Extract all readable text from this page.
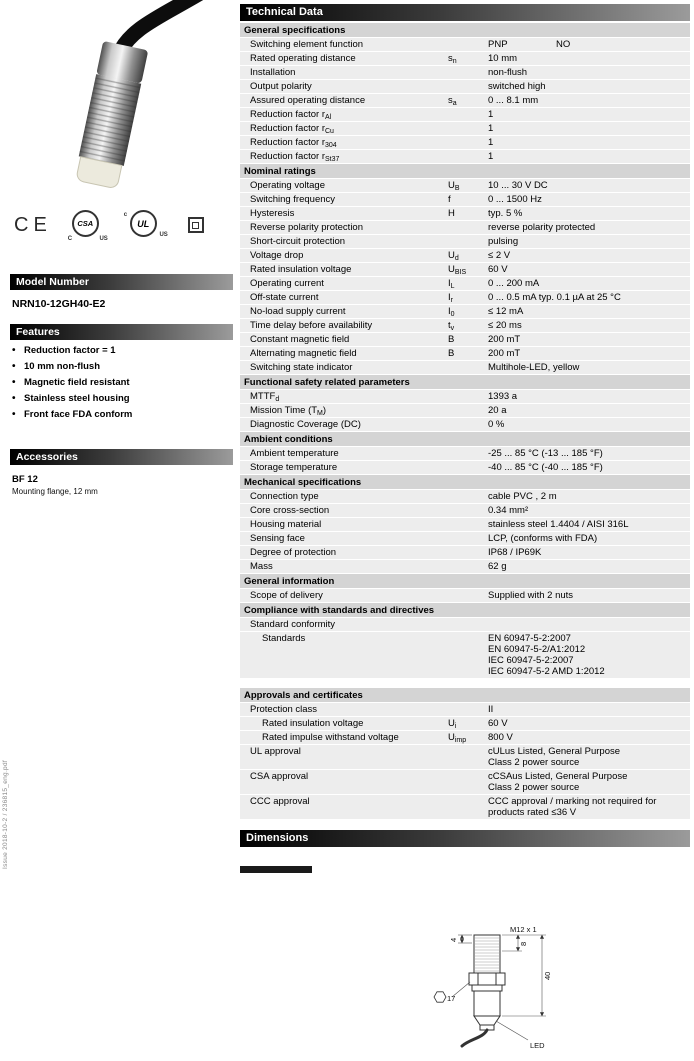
Issue 2018-10-2 / 236815_eng.pdf
CE	CSA
C	US
UL
c
US
Model Number
NRN10-12GH40-E2
Features
• Reduction factor = 1
• 10 mm non-flush
• Magnetic field resistant
• Stainless steel housing
• Front face FDA conform
Accessories
BF 12
Mounting flange, 12 mm
Technical Data
General specifications
Switching element function	PNP	NO
Rated operating distance	$s_n$	10 mm
Installation	non-flush
Output polarity	switched high
Assured operating distance	$s_a$	0 ... 8.1 mm
Reduction factor $r_{Al}$	1
Reduction factor $r_{Cu}$	1
Reduction factor $r_{304}$	1
Reduction factor $r_{St37}$	1
Nominal ratings
Operating voltage	$U_B$	10 ... 30 V DC
Switching frequency	f	0 ... 1500 Hz
Hysteresis	H	typ. 5 %
Reverse polarity protection	reverse polarity protected
Short-circuit protection	pulsing
Voltage drop	$U_d$	≤ 2 V
Rated insulation voltage	$U_{BIS}$	60 V
Operating current	$I_L$	0 ... 200 mA
Off-state current	$I_r$	0 ... 0.5 mA typ. 0.1 µA at 25 °C
No-load supply current	$I_0$	≤ 12 mA
Time delay before availability	$t_v$	≤ 20 ms
Constant magnetic field	B	200 mT
Alternating magnetic field	B	200 mT
Switching state indicator	Multihole-LED, yellow
Functional safety related parameters
$MTTF_d$	1393 a
Mission Time $(T_M)$	20 a
Diagnostic Coverage (DC)	0 %
Ambient conditions
Ambient temperature	-25 ... 85 °C (-13 ... 185 °F)
Storage temperature	-40 ... 85 °C (-40 ... 185 °F)
Mechanical specifications
Connection type	cable PVC , 2 m
Core cross-section	0.34 mm²
Housing material	stainless steel 1.4404 / AISI 316L
Sensing face	LCP, (conforms with FDA)
Degree of protection	IP68 / IP69K
Mass	62 g
General information
Scope of delivery	Supplied with 2 nuts
Compliance with standards and directives
Standard conformity

Standards	EN 60947-5-2:2007
EN 60947-5-2/A1:2012
IEC 60947-5-2:2007
IEC 60947-5-2 AMD 1:2012
Approvals and certificates
Protection class	II
Rated insulation voltage	$U_i$	60 V
Rated impulse withstand voltage	$U_{imp}$	800 V
UL approval	cULus Listed, General Purpose
Class 2 power source
CSA approval	cCSAus Listed, General Purpose
Class 2 power source
CCC approval	CCC approval / marking not required for products rated ≤36 V
Dimensions
M12 x 1
40
8
4
17
LED
